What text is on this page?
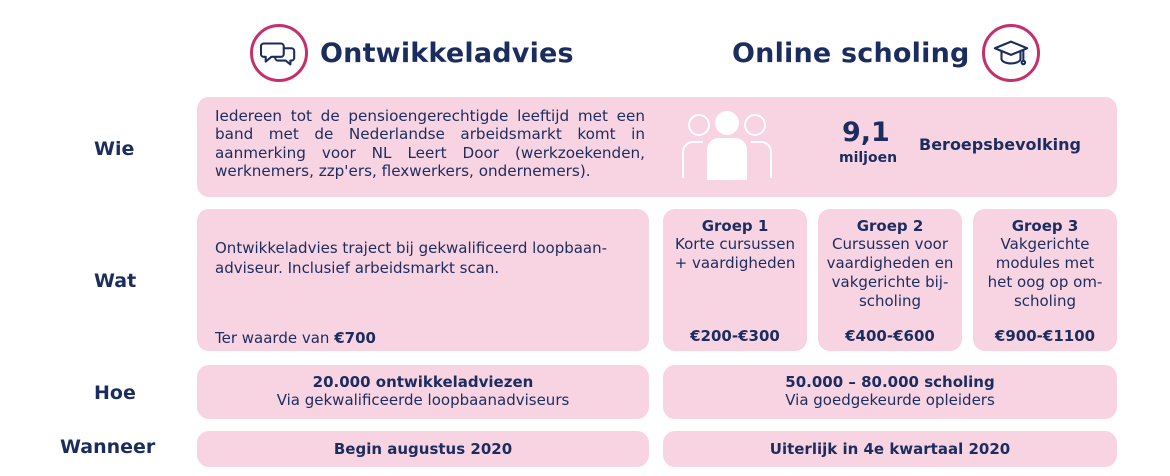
Ontwikkeladvies	Online scholing
Wie
Wat
Hoe
Wanneer
Iedereen tot de pensioengerechtigde leeftijd met een band met de Nederlandse arbeidsmarkt komt in aanmerking voor NL Leert Door (werkzoekenden, werknemers, zzp'ers, flexwerkers, ondernemers).
9,1
miljoen
Beroepsbevolking
Ontwikkeladvies traject bij gekwalificeerd loopbaan-adviseur. Inclusief arbeidsmarkt scan.
Ter waarde van €700
Groep 1
Korte cursussen
+ vaardigheden
€200-€300
Groep 2
Cursussen voor
vaardigheden en
vakgerichte bij-
scholing
€400-€600
Groep 3
Vakgerichte
modules met
het oog op om-
scholing
€900-€1100
20.000 ontwikkeladviezen
Via gekwalificeerde loopbaanadviseurs
50.000 – 80.000 scholing
Via goedgekeurde opleiders
Begin augustus 2020	Uiterlijk in 4e kwartaal 2020
